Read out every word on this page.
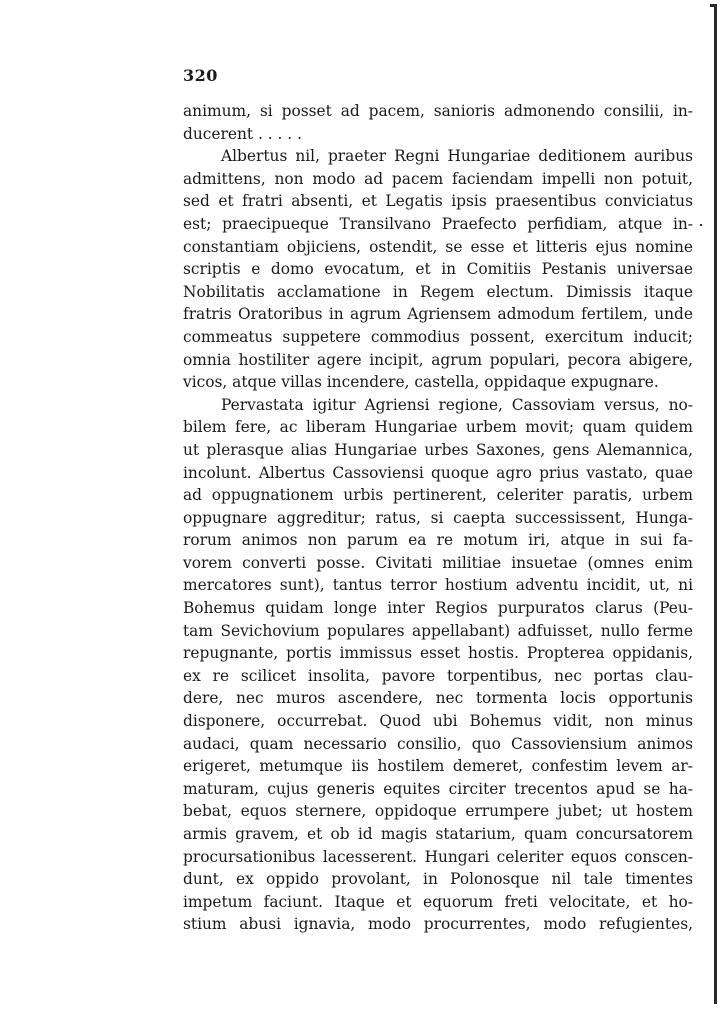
320
animum, si posset ad pacem, sanioris admonendo consilii, in-
ducerent . . . . .
Albertus nil, praeter Regni Hungariae deditionem auribus
admittens, non modo ad pacem faciendam impelli non potuit,
sed et fratri absenti, et Legatis ipsis praesentibus conviciatus
est; praecipueque Transilvano Praefecto perfidiam, atque in-
constantiam objiciens, ostendit, se esse et litteris ejus nomine
scriptis e domo evocatum, et in Comitiis Pestanis universae
Nobilitatis acclamatione in Regem electum. Dimissis itaque
fratris Oratoribus in agrum Agriensem admodum fertilem, unde
commeatus suppetere commodius possent, exercitum inducit;
omnia hostiliter agere incipit, agrum populari, pecora abigere,
vicos, atque villas incendere, castella, oppidaque expugnare.
Pervastata igitur Agriensi regione, Cassoviam versus, no-
bilem fere, ac liberam Hungariae urbem movit; quam quidem
ut plerasque alias Hungariae urbes Saxones, gens Alemannica,
incolunt. Albertus Cassoviensi quoque agro prius vastato, quae
ad oppugnationem urbis pertinerent, celeriter paratis, urbem
oppugnare aggreditur; ratus, si caepta successissent, Hunga-
rorum animos non parum ea re motum iri, atque in sui fa-
vorem converti posse. Civitati militiae insuetae (omnes enim
mercatores sunt), tantus terror hostium adventu incidit, ut, ni
Bohemus quidam longe inter Regios purpuratos clarus (Peu-
tam Sevichovium populares appellabant) adfuisset, nullo ferme
repugnante, portis immissus esset hostis. Propterea oppidanis,
ex re scilicet insolita, pavore torpentibus, nec portas clau-
dere, nec muros ascendere, nec tormenta locis opportunis
disponere, occurrebat. Quod ubi Bohemus vidit, non minus
audaci, quam necessario consilio, quo Cassoviensium animos
erigeret, metumque iis hostilem demeret, confestim levem ar-
maturam, cujus generis equites circiter trecentos apud se ha-
bebat, equos sternere, oppidoque errumpere jubet; ut hostem
armis gravem, et ob id magis statarium, quam concursatorem
procursationibus lacesserent. Hungari celeriter equos conscen-
dunt, ex oppido provolant, in Polonosque nil tale timentes
impetum faciunt. Itaque et equorum freti velocitate, et ho-
stium abusi ignavia, modo procurrentes, modo refugientes,
